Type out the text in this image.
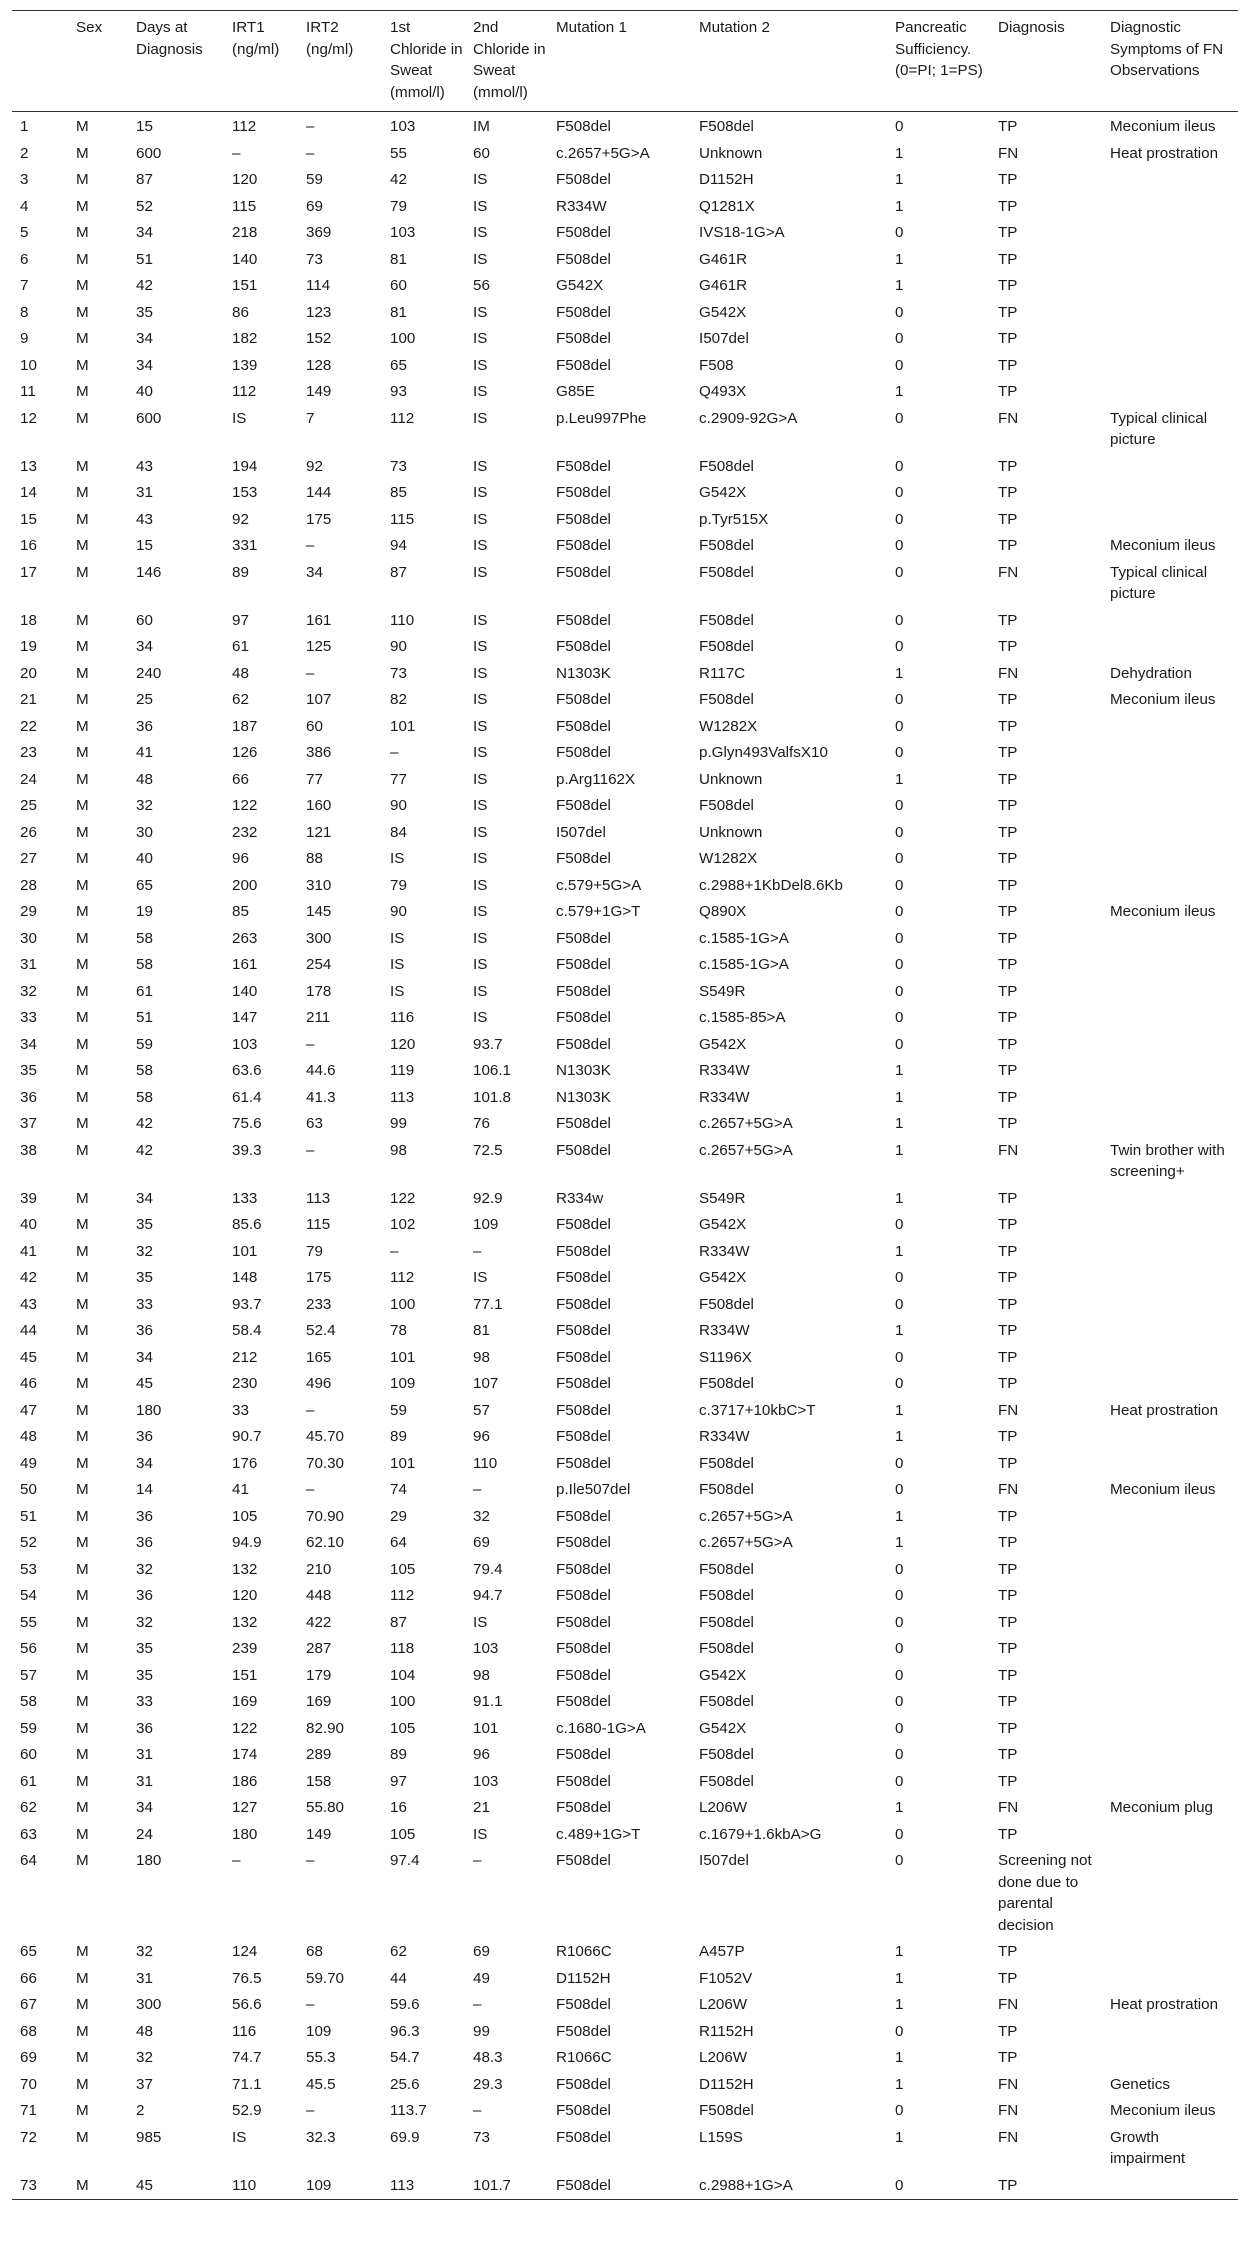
	Sex	Days at Diagnosis	IRT1 (ng/ml)	IRT2 (ng/ml)	1st Chloride in Sweat (mmol/l)	2nd Chloride in Sweat (mmol/l)	Mutation 1	Mutation 2	Pancreatic Sufficiency. (0=PI; 1=PS)	Diagnosis	Diagnostic Symptoms of FN Observations
1	M	15	112	–	103	IM	F508del	F508del	0	TP	Meconium ileus
2	M	600	–	–	55	60	c.2657+5G>A	Unknown	1	FN	Heat prostration
3	M	87	120	59	42	IS	F508del	D1152H	1	TP	
4	M	52	115	69	79	IS	R334W	Q1281X	1	TP	
5	M	34	218	369	103	IS	F508del	IVS18-1G>A	0	TP	
6	M	51	140	73	81	IS	F508del	G461R	1	TP	
7	M	42	151	114	60	56	G542X	G461R	1	TP	
8	M	35	86	123	81	IS	F508del	G542X	0	TP	
9	M	34	182	152	100	IS	F508del	I507del	0	TP	
10	M	34	139	128	65	IS	F508del	F508	0	TP	
11	M	40	112	149	93	IS	G85E	Q493X	1	TP	
12	M	600	IS	7	112	IS	p.Leu997Phe	c.2909-92G>A	0	FN	Typical clinical picture
13	M	43	194	92	73	IS	F508del	F508del	0	TP	
14	M	31	153	144	85	IS	F508del	G542X	0	TP	
15	M	43	92	175	115	IS	F508del	p.Tyr515X	0	TP	
16	M	15	331	–	94	IS	F508del	F508del	0	TP	Meconium ileus
17	M	146	89	34	87	IS	F508del	F508del	0	FN	Typical clinical picture
18	M	60	97	161	110	IS	F508del	F508del	0	TP	
19	M	34	61	125	90	IS	F508del	F508del	0	TP	
20	M	240	48	–	73	IS	N1303K	R117C	1	FN	Dehydration
21	M	25	62	107	82	IS	F508del	F508del	0	TP	Meconium ileus
22	M	36	187	60	101	IS	F508del	W1282X	0	TP	
23	M	41	126	386	–	IS	F508del	p.Glyn493ValfsX10	0	TP	
24	M	48	66	77	77	IS	p.Arg1162X	Unknown	1	TP	
25	M	32	122	160	90	IS	F508del	F508del	0	TP	
26	M	30	232	121	84	IS	I507del	Unknown	0	TP	
27	M	40	96	88	IS	IS	F508del	W1282X	0	TP	
28	M	65	200	310	79	IS	c.579+5G>A	c.2988+1KbDel8.6Kb	0	TP	
29	M	19	85	145	90	IS	c.579+1G>T	Q890X	0	TP	Meconium ileus
30	M	58	263	300	IS	IS	F508del	c.1585-1G>A	0	TP	
31	M	58	161	254	IS	IS	F508del	c.1585-1G>A	0	TP	
32	M	61	140	178	IS	IS	F508del	S549R	0	TP	
33	M	51	147	211	116	IS	F508del	c.1585-85>A	0	TP	
34	M	59	103	–	120	93.7	F508del	G542X	0	TP	
35	M	58	63.6	44.6	119	106.1	N1303K	R334W	1	TP	
36	M	58	61.4	41.3	113	101.8	N1303K	R334W	1	TP	
37	M	42	75.6	63	99	76	F508del	c.2657+5G>A	1	TP	
38	M	42	39.3	–	98	72.5	F508del	c.2657+5G>A	1	FN	Twin brother with screening+
39	M	34	133	113	122	92.9	R334w	S549R	1	TP	
40	M	35	85.6	115	102	109	F508del	G542X	0	TP	
41	M	32	101	79	–	–	F508del	R334W	1	TP	
42	M	35	148	175	112	IS	F508del	G542X	0	TP	
43	M	33	93.7	233	100	77.1	F508del	F508del	0	TP	
44	M	36	58.4	52.4	78	81	F508del	R334W	1	TP	
45	M	34	212	165	101	98	F508del	S1196X	0	TP	
46	M	45	230	496	109	107	F508del	F508del	0	TP	
47	M	180	33	–	59	57	F508del	c.3717+10kbC>T	1	FN	Heat prostration
48	M	36	90.7	45.70	89	96	F508del	R334W	1	TP	
49	M	34	176	70.30	101	110	F508del	F508del	0	TP	
50	M	14	41	–	74	–	p.Ile507del	F508del	0	FN	Meconium ileus
51	M	36	105	70.90	29	32	F508del	c.2657+5G>A	1	TP	
52	M	36	94.9	62.10	64	69	F508del	c.2657+5G>A	1	TP	
53	M	32	132	210	105	79.4	F508del	F508del	0	TP	
54	M	36	120	448	112	94.7	F508del	F508del	0	TP	
55	M	32	132	422	87	IS	F508del	F508del	0	TP	
56	M	35	239	287	118	103	F508del	F508del	0	TP	
57	M	35	151	179	104	98	F508del	G542X	0	TP	
58	M	33	169	169	100	91.1	F508del	F508del	0	TP	
59	M	36	122	82.90	105	101	c.1680-1G>A	G542X	0	TP	
60	M	31	174	289	89	96	F508del	F508del	0	TP	
61	M	31	186	158	97	103	F508del	F508del	0	TP	
62	M	34	127	55.80	16	21	F508del	L206W	1	FN	Meconium plug
63	M	24	180	149	105	IS	c.489+1G>T	c.1679+1.6kbA>G	0	TP	
64	M	180	–	–	97.4	–	F508del	I507del	0	Screening not done due to parental decision	
65	M	32	124	68	62	69	R1066C	A457P	1	TP	
66	M	31	76.5	59.70	44	49	D1152H	F1052V	1	TP	
67	M	300	56.6	–	59.6	–	F508del	L206W	1	FN	Heat prostration
68	M	48	116	109	96.3	99	F508del	R1152H	0	TP	
69	M	32	74.7	55.3	54.7	48.3	R1066C	L206W	1	TP	
70	M	37	71.1	45.5	25.6	29.3	F508del	D1152H	1	FN	Genetics
71	M	2	52.9	–	113.7	–	F508del	F508del	0	FN	Meconium ileus
72	M	985	IS	32.3	69.9	73	F508del	L159S	1	FN	Growth impairment
73	M	45	110	109	113	101.7	F508del	c.2988+1G>A	0	TP	
